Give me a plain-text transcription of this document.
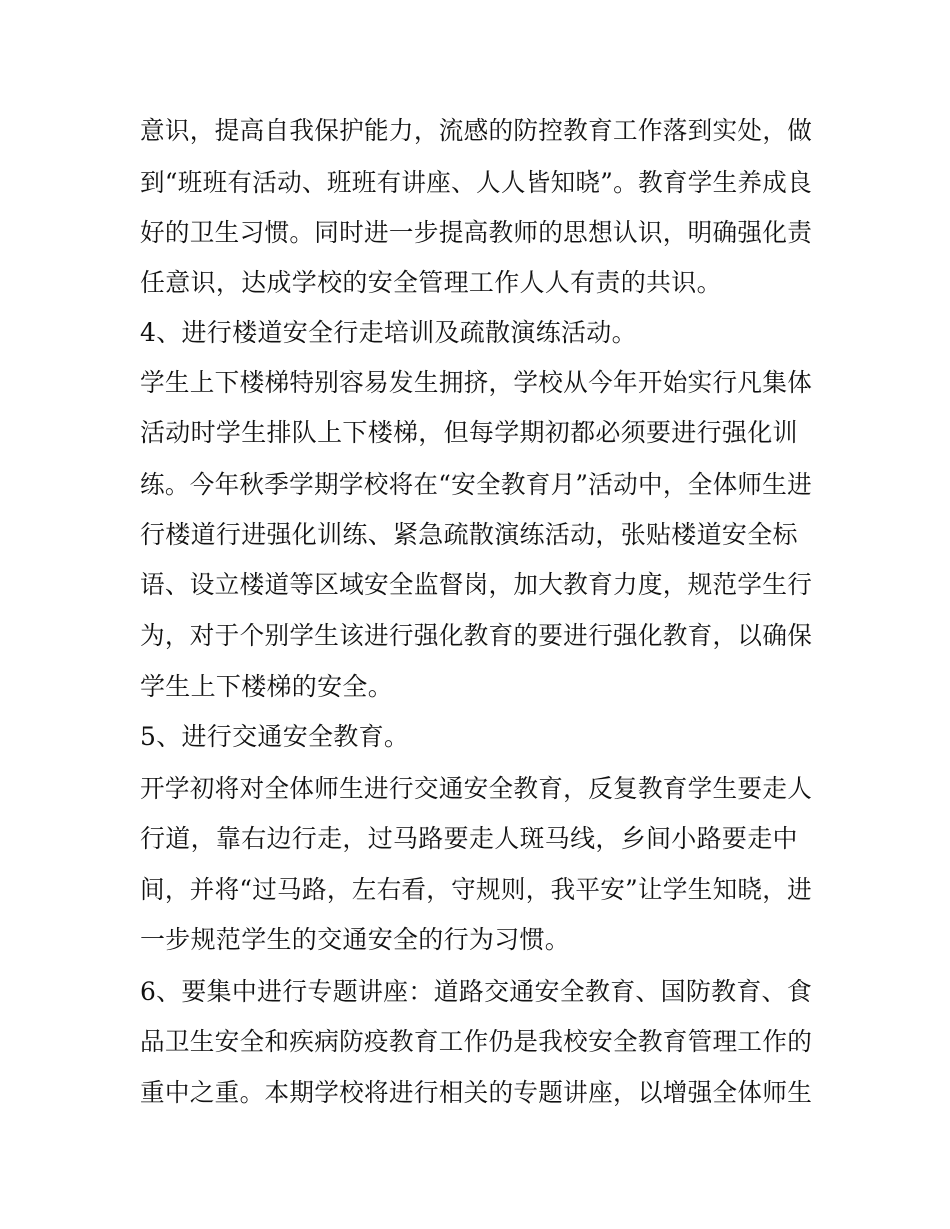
意识，提高自我保护能力，流感的防控教育工作落到实处，做
到“班班有活动、班班有讲座、人人皆知晓”。教育学生养成良
好的卫生习惯。同时进一步提高教师的思想认识，明确强化责
任意识，达成学校的安全管理工作人人有责的共识。
4、进行楼道安全行走培训及疏散演练活动。
学生上下楼梯特别容易发生拥挤，学校从今年开始实行凡集体
活动时学生排队上下楼梯，但每学期初都必须要进行强化训
练。今年秋季学期学校将在“安全教育月”活动中，全体师生进
行楼道行进强化训练、紧急疏散演练活动，张贴楼道安全标
语、设立楼道等区域安全监督岗，加大教育力度，规范学生行
为，对于个别学生该进行强化教育的要进行强化教育，以确保
学生上下楼梯的安全。
5、进行交通安全教育。
开学初将对全体师生进行交通安全教育，反复教育学生要走人
行道，靠右边行走，过马路要走人斑马线，乡间小路要走中
间，并将“过马路，左右看，守规则，我平安”让学生知晓，进
一步规范学生的交通安全的行为习惯。
6、要集中进行专题讲座：道路交通安全教育、国防教育、食
品卫生安全和疾病防疫教育工作仍是我校安全教育管理工作的
重中之重。本期学校将进行相关的专题讲座，以增强全体师生
